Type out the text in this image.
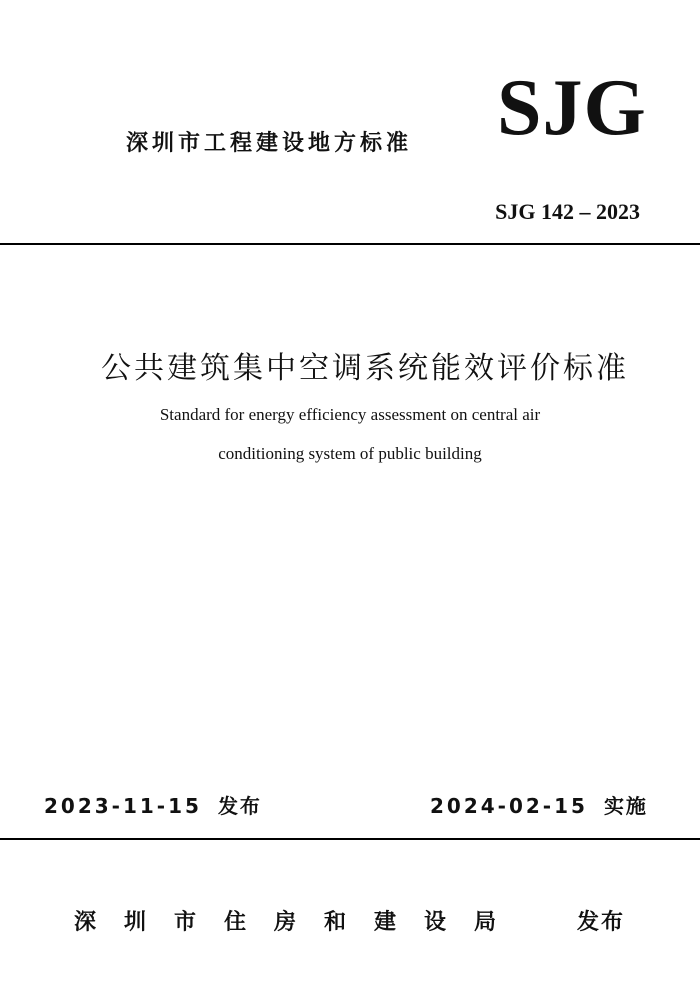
深圳市工程建设地方标准 SJG
SJG 142 – 2023
公共建筑集中空调系统能效评价标准
Standard for energy efficiency assessment on central air
conditioning system of public building
2023-11-15 发布	2024-02-15 实施
深圳市住房和建设局 发布
